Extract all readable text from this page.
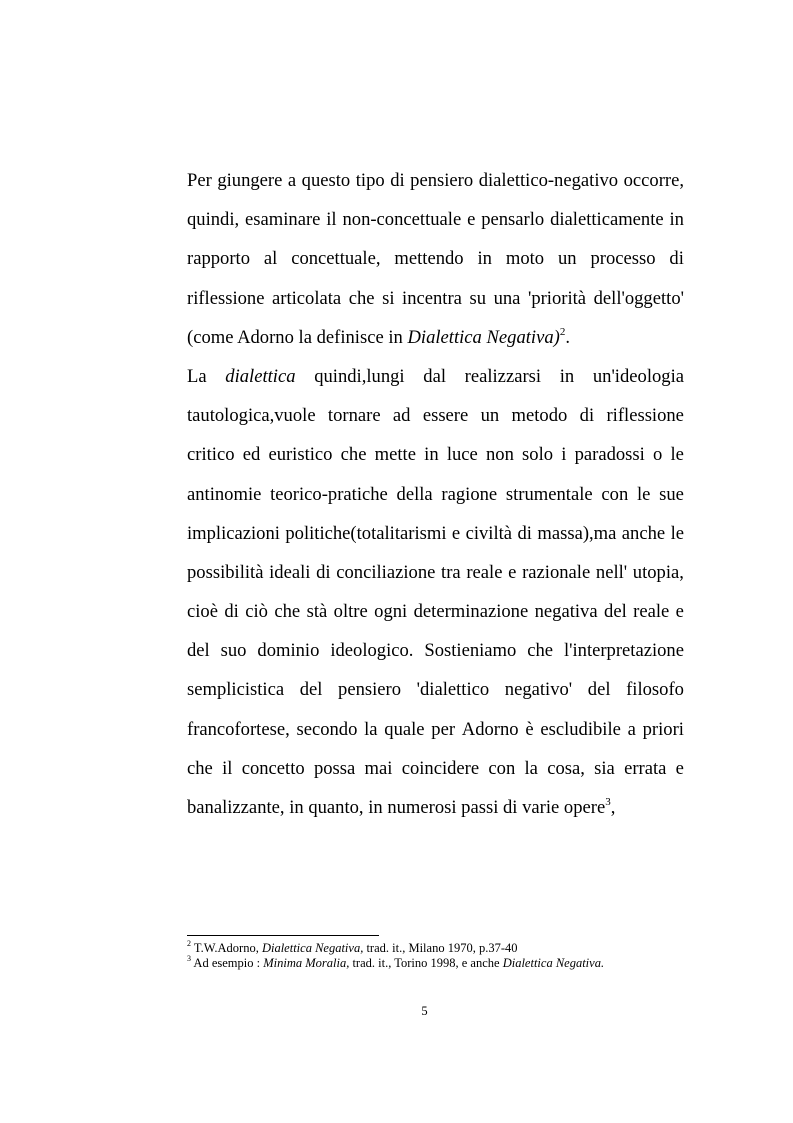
Per giungere a questo tipo di pensiero dialettico-negativo occorre,
quindi, esaminare il non-concettuale e pensarlo dialetticamente in
rapporto al concettuale, mettendo in moto un processo di
riflessione articolata che si incentra su una 'priorità dell'oggetto'
(come Adorno la definisce in Dialettica Negativa)$^2$.
La dialettica quindi,lungi dal realizzarsi in un'ideologia
tautologica,vuole tornare ad essere un metodo di riflessione
critico ed euristico che mette in luce non solo i paradossi o le
antinomie teorico-pratiche della ragione strumentale con le sue
implicazioni politiche(totalitarismi e civiltà di massa),ma anche le
possibilità ideali di conciliazione tra reale e razionale nell' utopia,
cioè di ciò che stà oltre ogni determinazione negativa del reale e
del suo dominio ideologico. Sostieniamo che l'interpretazione
semplicistica del pensiero 'dialettico negativo' del filosofo
francofortese, secondo la quale per Adorno è escludibile a priori
che il concetto possa mai coincidere con la cosa, sia errata e
banalizzante, in quanto, in numerosi passi di varie opere$^3$,
$^2$ T.W.Adorno, Dialettica Negativa, trad. it., Milano 1970, p.37-40
$^3$ Ad esempio : Minima Moralia, trad. it., Torino 1998, e anche Dialettica Negativa.
5
